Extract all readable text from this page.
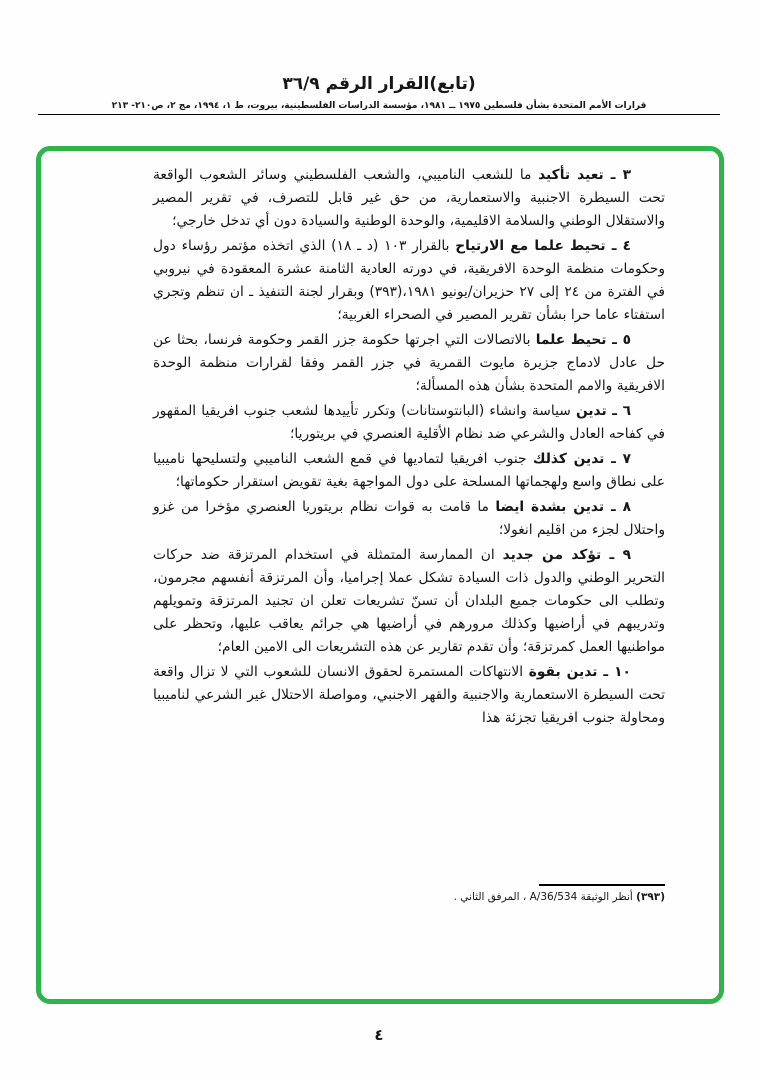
(تابع)القرار الرقم ٣٦/٩
قرارات الأمم المتحدة بشأن فلسطين ١٩٧٥ ــ ١٩٨١، مؤسسة الدراسات الفلسطينية، بيروت، ط ١، ١٩٩٤، مج ٢، ص٢١٠- ٢١٣

٣ ـ تعيد تأكيد ما للشعب الناميبي، والشعب الفلسطيني وسائر الشعوب الواقعة تحت السيطرة الاجنبية والاستعمارية، من حق غير قابل للتصرف، في تقرير المصير والاستقلال الوطني والسلامة الاقليمية، والوحدة الوطنية والسيادة دون أي تدخل خارجي؛

٤ ـ تحيط علما مع الارتياح بالقرار ١٠٣ (د ـ ١٨) الذي اتخذه مؤتمر رؤساء دول وحكومات منظمة الوحدة الافريقية، في دورته العادية الثامنة عشرة المعقودة في نيروبي في الفترة من ٢٤ إلى ٢٧ حزيران/يونيو ١٩٨١،(٣٩٣) وبقرار لجنة التنفيذ ـ ان تنظم وتجري استفتاء عاما حرا بشأن تقرير المصير في الصحراء الغربية؛

٥ ـ تحيط علما بالاتصالات التي اجرتها حكومة جزر القمر وحكومة فرنسا، بحثا عن حل عادل لادماج جزيرة مايوت القمرية في جزر القمر وفقا لقرارات منظمة الوحدة الافريقية والامم المتحدة بشأن هذه المسألة؛

٦ ـ تدين سياسة وانشاء (البانتوستانات) وتكرر تأييدها لشعب جنوب افريقيا المقهور في كفاحه العادل والشرعي ضد نظام الأقلية العنصري في بريتوريا؛

٧ ـ تدين كذلك جنوب افريقيا لتماديها في قمع الشعب الناميبي ولتسليحها ناميبيا على نطاق واسع ولهجماتها المسلحة على دول المواجهة بغية تقويض استقرار حكوماتها؛

٨ ـ تدين بشدة ايضا ما قامت به قوات نظام بريتوريا العنصري مؤخرا من غزو واحتلال لجزء من اقليم انغولا؛

٩ ـ تؤكد من جديد ان الممارسة المتمثلة في استخدام المرتزقة ضد حركات التحرير الوطني والدول ذات السيادة تشكل عملا إجراميا، وأن المرتزقة أنفسهم مجرمون، وتطلب الى حكومات جميع البلدان أن تسنّ تشريعات تعلن ان تجنيد المرتزقة وتمويلهم وتدريبهم في أراضيها وكذلك مرورهم في أراضيها هي جرائم يعاقب عليها، وتحظر على مواطنيها العمل كمرتزقة؛ وأن تقدم تقارير عن هذه التشريعات الى الامين العام؛

١٠ ـ تدين بقوة الانتهاكات المستمرة لحقوق الانسان للشعوب التي لا تزال واقعة تحت السيطرة الاستعمارية والاجنبية والقهر الاجنبي، ومواصلة الاحتلال غير الشرعي لناميبيا ومحاولة جنوب افريقيا تجزئة هذا

(٣٩٣) أنظر الوثيقة A/36/534 ، المرفق الثاني .
٤
